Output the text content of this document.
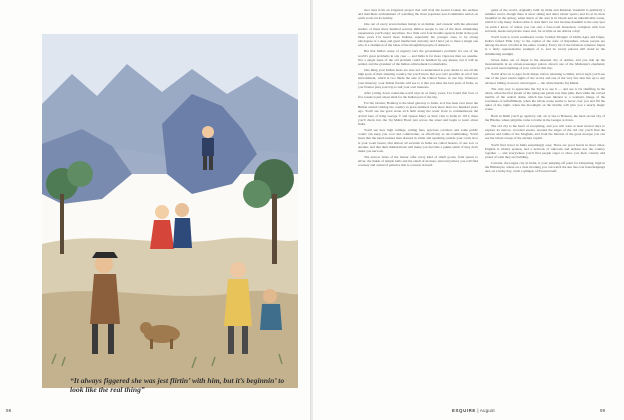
“It always figgered she was jest flirtin’ with him, but it’s beginnin’ to look like the real thing”
98

shot rises from an irrigation project that will rival the Grand Coulee; the endless and matchless enchantment of watching the most populous non-Communist nation on earth work out its destiny.

One out of every seven human beings is an Indian, and consent with the educated leaders of these three hundred seventy million people is one of the most stimulating experiences you'll enjoy anywhere. In a little over four months spent in India in the past three years I've heard more Indians, especially the younger ones, to be strong ideologues of a deep and great intellectual curiosity and I have yet to meet a single one who is a champion of the ideas of the thoughtful people of America.

But that India's sense of urgency isn't the government's problem: it's one of the world's great problems in any case — and India is far more vigorous than we assume. Not a single issue of the old problem could be handled by any means, but it will be settled, and the grandeur of the Indian achievement is remarkable.

One thing your Indian hosts are sure not to understand is your desire to see all the high spots of their amazing country, but you'll know that you can't possibly do all of this subcontinent, which is two thirds the size of the United States, in one trip. Whatever your itinerary, your Indian friends will see to it that you miss the best parts of India, so you'd better plan your trip to suit your own interests.

After jotting down round-the-world trips in as many years, I've found that four or five weeks is just about ideal for the Indian part of the trip.

For the traveler, Bombay is the ideal gateway to India, as it has been ever since the British started visiting the country in great numbers back more than two hundred years ago. You'll see the great stone arch built along the water front to commemorate the arrival here of King George V and Queen Mary as their visit to India in 1911; there you'll check into the Taj Mahal Hotel just across the street and begin to learn about India.

You'll see how high ceilings, ceiling fans, spacious corridors and some public rooms can keep you cool and comfortable, as effectively as air-conditioning. You'll learn that the hand-loomed man dressed in white and squatting outside your room door is your room bearer, that almost all servants in India are called bearers of one sort or another, and that their ministrations will make you feel like a pukka sahib, if they don't make you nervous.

The narrow lanes of the bazaar offer every kind of small goods, from spices to silver, the tinkle of temple bells and the smell of incense; and everywhere you will find courtesy and a kind of patience that is a lesson in itself.

gems of the world, originally built by India and Pakistan. Kashmir is primarily a summer resort, though there is snow skiing and other winter sports; and it's at its most beautiful in the spring, when much of the area is in bloom and an unbelievable scene, which is why many visitors miss it. And that's too bad because Kashmir is the only spot on earth I know of where you can rent a four-room houseboat, complete with four servants, meals and private water taxi, for as little as ten dollars a day!

You'll want to travel southward on the 'Golden Triangle' of Delhi, Agra and Jaipur, India's famed 'Pink City,' is the capital of the state of Rajasthan, whose people are among the most colorful in the entire country. Every bit of the fabulous romance Jaipur is a fairly representative example of it, and its lovely palaces still stand in the shimmering sunlight.

Seven miles out of Jaipur is the deserted city of Amber, and you ride up the mountainside in an eleven-passenger palace aboard one of the Maharaja's elephants; you won't need anything of your own for this trip.

You'll drive on to Agra from Jaipur, before returning to Delhi, and at Agra you'll see one of the great tourist sights of the world, and one of the very few that live up to any advance billing, however extravagant — the white marble Taj Mahal.

The only way to appreciate the Taj is to see it — and see it via shuffling in the dawn, when the first gleam of the rising sun paints red, then pink, then white the carved marble of the central dome, which has been likened to a woman's image of the loveliness of unfulfillment, when the whole scene seems to hover over you and fill the quiet of the night, when the moonlight on the marble will give you a nearly magic scene.

Back in Delhi you'll go again by rail, air or bus to Banaras, the most sacred city of the Hindus, where pilgrims come to bathe in the Ganges at dawn.

The old city is the heart of everything, and you will want at least several days to explore its narrow, crowded streets. Around the edges of the old city you'll find the palaces and tombs of the Moghuls, and from the minaret of the great mosque you can see the whole sweep of the ancient capital.

You'll find travel in India surprisingly easy. There are good hotels in most cities, English is widely spoken, and a network of railroads and airlines ties the country together — and everywhere you'll find people eager to show you their country and proud of what they are building.

Calcutta, the largest city in India, is your jumping-off point for Darjeeling, high in the Himalayas, where on a clear morning you can watch the sun rise over Kanchenjunga and, on a lucky day, catch a glimpse of Everest itself.

ESQUIRE | August	99
